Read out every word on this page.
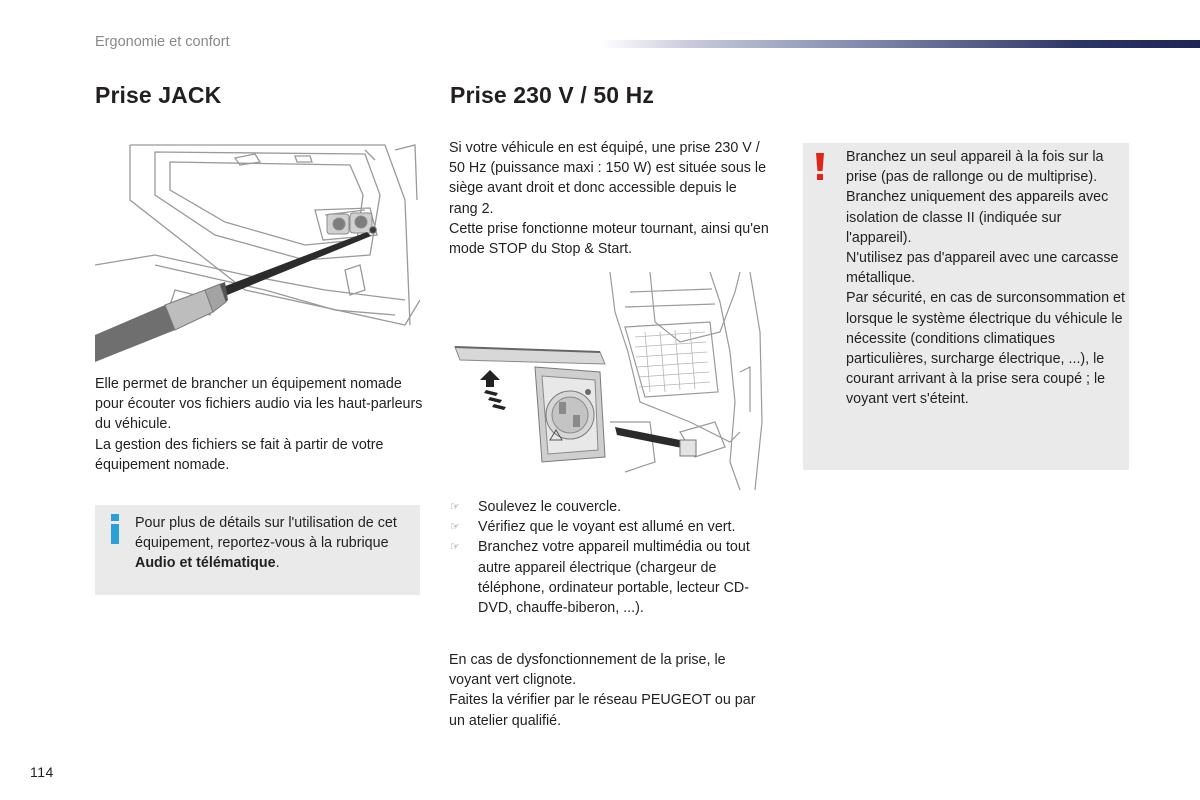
Ergonomie et confort
Prise JACK	Prise 230 V / 50 Hz
Elle permet de brancher un équipement nomade pour écouter vos fichiers audio via les haut-parleurs du véhicule.
La gestion des fichiers se fait à partir de votre équipement nomade.
Pour plus de détails sur l'utilisation de cet équipement, reportez-vous à la rubrique Audio et télématique.
Si votre véhicule en est équipé, une prise 230 V / 50 Hz (puissance maxi : 150 W) est située sous le siège avant droit et donc accessible depuis le rang 2.
Cette prise fonctionne moteur tournant, ainsi qu'en mode STOP du Stop & Start.
☞ Soulevez le couvercle.
☞ Vérifiez que le voyant est allumé en vert.
☞ Branchez votre appareil multimédia ou tout autre appareil électrique (chargeur de téléphone, ordinateur portable, lecteur CD-DVD, chauffe-biberon, ...).
En cas de dysfonctionnement de la prise, le voyant vert clignote.
Faites la vérifier par le réseau PEUGEOT ou par un atelier qualifié.
Branchez un seul appareil à la fois sur la prise (pas de rallonge ou de multiprise).
Branchez uniquement des appareils avec isolation de classe II (indiquée sur l'appareil).
N'utilisez pas d'appareil avec une carcasse métallique.
Par sécurité, en cas de surconsommation et lorsque le système électrique du véhicule le nécessite (conditions climatiques particulières, surcharge électrique, ...), le courant arrivant à la prise sera coupé ; le voyant vert s'éteint.
114
